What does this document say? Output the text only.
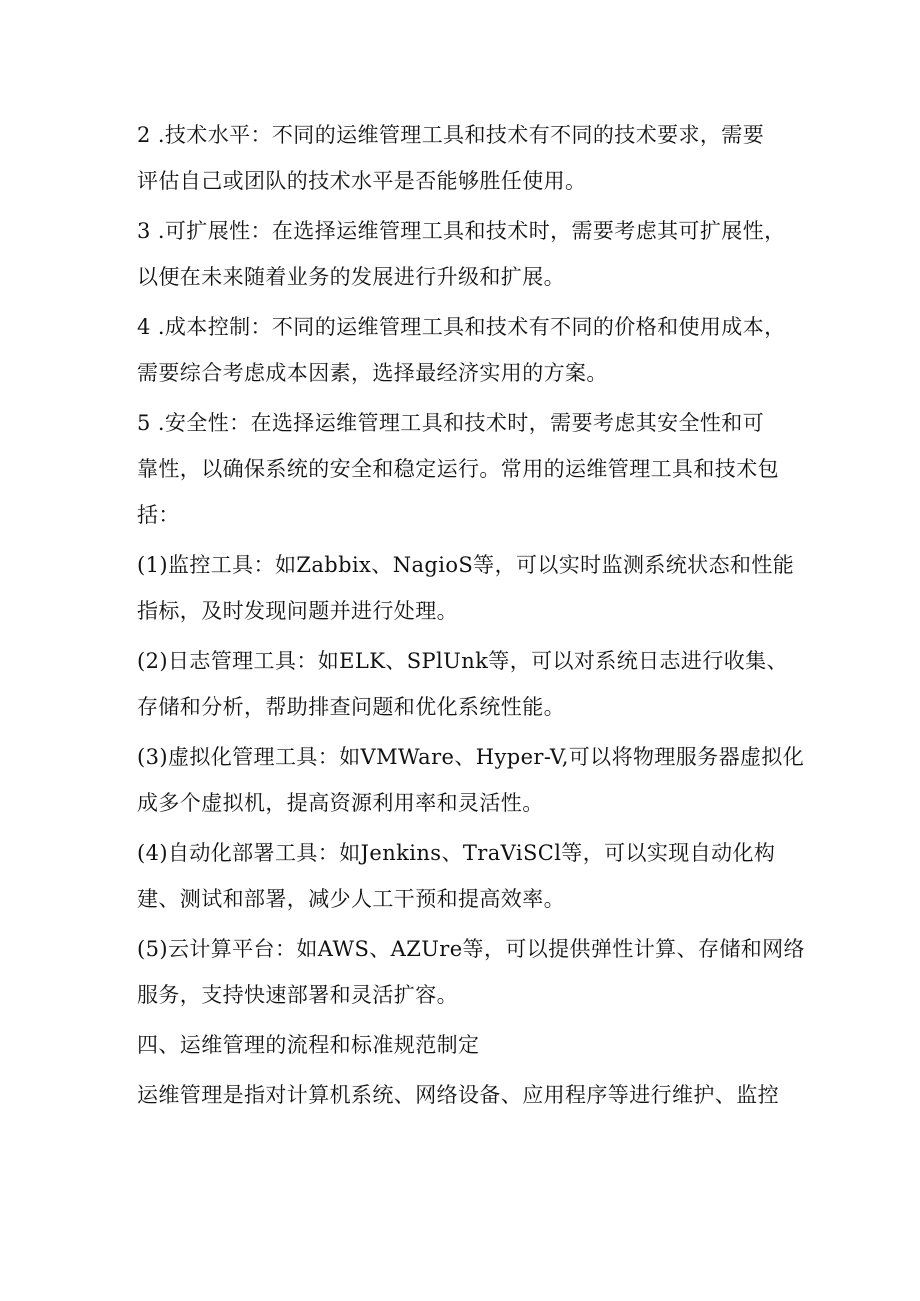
2 .技术水平：不同的运维管理工具和技术有不同的技术要求，需要
评估自己或团队的技术水平是否能够胜任使用。

3 .可扩展性：在选择运维管理工具和技术时，需要考虑其可扩展性，
以便在未来随着业务的发展进行升级和扩展。

4 .成本控制：不同的运维管理工具和技术有不同的价格和使用成本，
需要综合考虑成本因素，选择最经济实用的方案。

5 .安全性：在选择运维管理工具和技术时，需要考虑其安全性和可
靠性，以确保系统的安全和稳定运行。常用的运维管理工具和技术包
括：

(1)监控工具：如Zabbix、NagioS等，可以实时监测系统状态和性能
指标，及时发现问题并进行处理。

(2)日志管理工具：如ELK、SPlUnk等，可以对系统日志进行收集、
存储和分析，帮助排查问题和优化系统性能。

(3)虚拟化管理工具：如VMWare、Hyper-V,可以将物理服务器虚拟化
成多个虚拟机，提高资源利用率和灵活性。

(4)自动化部署工具：如Jenkins、TraViSCl等，可以实现自动化构
建、测试和部署，减少人工干预和提高效率。

(5)云计算平台：如AWS、AZUre等，可以提供弹性计算、存储和网络
服务，支持快速部署和灵活扩容。

四、运维管理的流程和标准规范制定

运维管理是指对计算机系统、网络设备、应用程序等进行维护、监控
